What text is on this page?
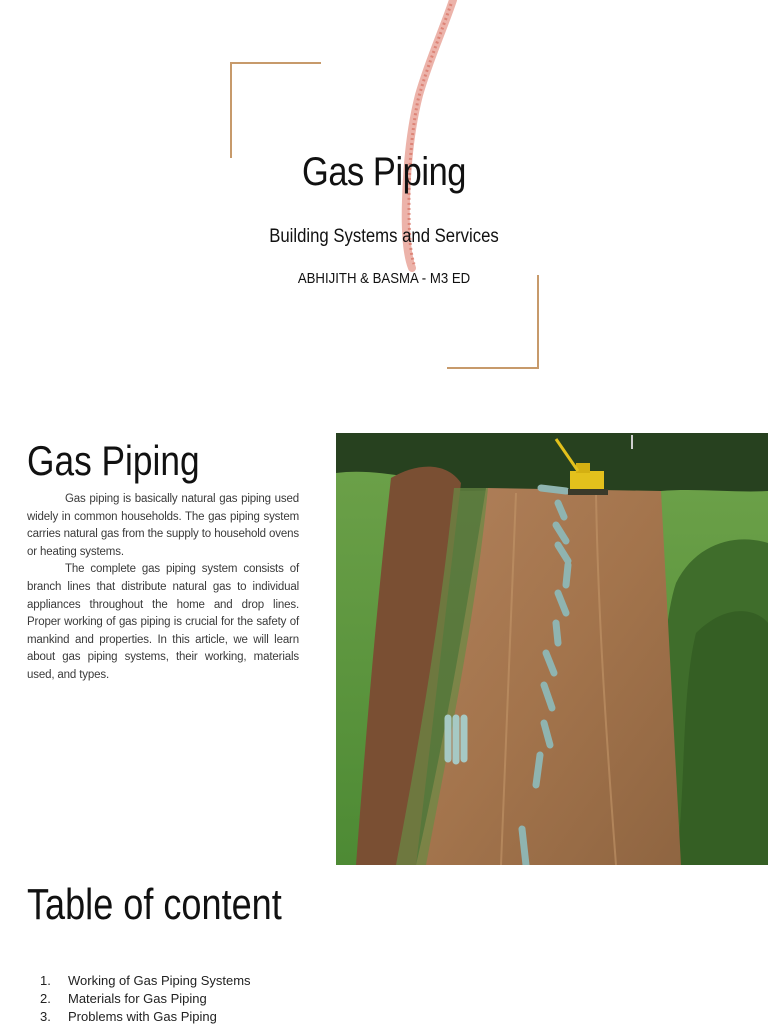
Gas Piping
Building Systems and Services
ABHIJITH & BASMA - M3 ED
Gas Piping

Gas piping is basically natural gas piping used widely in common households. The gas piping system carries natural gas from the supply to household ovens or heating systems.

The complete gas piping system consists of branch lines that distribute natural gas to individual appliances throughout the home and drop lines. Proper working of gas piping is crucial for the safety of mankind and properties. In this article, we will learn about gas piping systems, their working, materials used, and types.

Table of content
1.	Working of Gas Piping Systems
2.	Materials for Gas Piping
3.	Problems with Gas Piping
